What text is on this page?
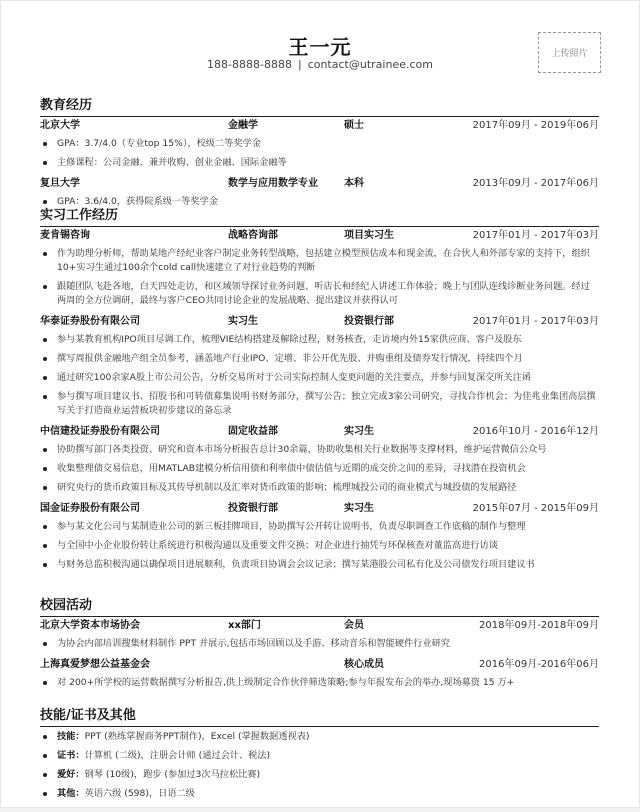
王一元
188-8888-8888 | contact@utrainee.com
上传照片
教育经历
北京大学	金融学	硕士	2017年09月 - 2019年06月
GPA：3.7/4.0（专业top 15%），校级二等奖学金
主修课程：公司金融、兼并收购、创业金融、国际金融等
复旦大学	数学与应用数学专业	本科	2013年09月 - 2017年06月
GPA：3.6/4.0，获得院系级一等奖学金
实习工作经历
麦肯锡咨询	战略咨询部	项目实习生	2017年01月 - 2017年03月
作为助理分析师，帮助某地产经纪业客户制定业务转型战略，包括建立模型预估成本和现金流，在合伙人和外部专家的支持下，组织10+实习生通过100余个cold call快速建立了对行业趋势的判断
跟随团队飞赴各地，白天四处走访，和区域领导探讨业务问题、听店长和经纪人讲述工作体验；晚上与团队连线诊断业务问题。经过两周的全方位调研，最终与客户CEO共同讨论企业的发展战略、提出建议并获得认可
华泰证券股份有限公司	实习生	投资银行部	2017年01月 - 2017年03月
参与某教育机构IPO项目尽调工作，梳理VIE结构搭建及解除过程，财务核查，走访境内外15家供应商、客户及股东
撰写周报供金融地产组全员参考，涵盖地产行业IPO、定增、非公开优先股、并购重组及债券发行情况，持续四个月
通过研究100余家A股上市公司公告，分析交易所对于公司实际控制人变更问题的关注要点，并参与回复深交所关注函
参与撰写项目建议书、招股书和可转债募集说明书财务部分，撰写公告；独立完成3家公司研究，寻找合作机会；为佳兆业集团高层撰写关于打造商业运营板块初步建议的备忘录
中信建投证券股份有限公司	固定收益部	实习生	2016年10月 - 2016年12月
协助撰写部门各类投资、研究和资本市场分析报告总计30余篇，协助收集相关行业数据等支撑材料，维护运营微信公众号
收集整理债交易信息，用MATLAB建模分析信用债和利率债中债估值与近期的成交价之间的差异，寻找潜在投资机会
研究央行的货币政策目标及其传导机制以及汇率对货币政策的影响；梳理城投公司的商业模式与城投债的发展路径
国金证券股份有限公司	投资银行部	实习生	2015年07月 - 2015年09月
参与某文化公司与某制造业公司的新三板挂牌项目，协助撰写公开转让说明书，负责尽职调查工作底稿的制作与整理
与全国中小企业股份转让系统进行积极沟通以及重要文件交换；对企业进行抽凭与环保核查对董监高进行访谈
与财务总监积极沟通以确保项目进展顺利，负责项目协调会会议记录；撰写某港股公司私有化及公司债发行项目建议书
校园活动
北京大学资本市场协会	xx部门	会员	2018年09月-2018年09月
为协会内部培训搜集材料制作 PPT 并展示,包括市场回顾以及手游、移动音乐和智能硬件行业研究
上海真爱梦想公益基金会	核心成员	2016年09月-2016年06月
对 200+所学校的运营数据撰写分析报告,供上级制定合作伙伴筛选策略;参与年报发布会的举办,现场募资 15 万+
技能/证书及其他
技能：PPT (熟练掌握商务PPT制作)，Excel (掌握数据透视表)
证书：计算机 (二级)，注册会计师 (通过会计、税法)
爱好：钢琴 (10级)，跑步 (参加过3次马拉松比赛)
其他：英语六级 (598)，日语二级
